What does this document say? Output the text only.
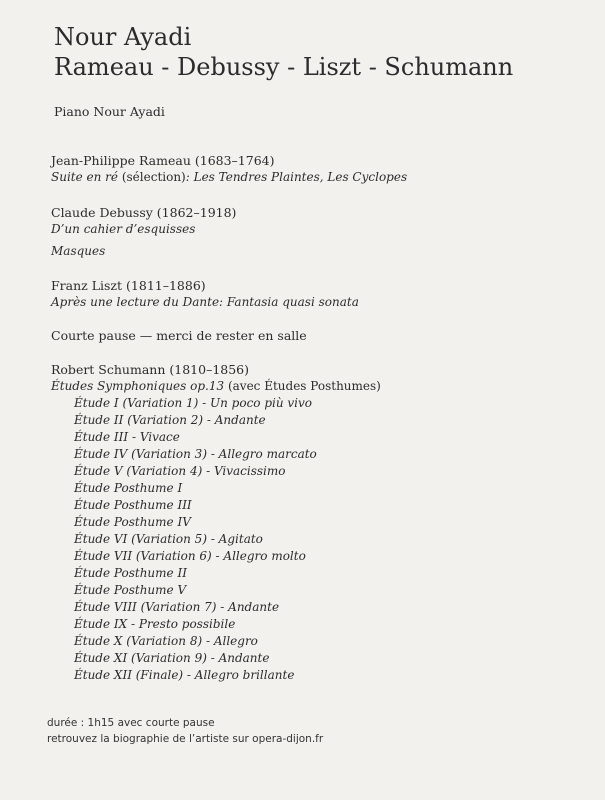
Nour Ayadi
Rameau - Debussy - Liszt - Schumann
Piano Nour Ayadi
Jean-Philippe Rameau (1683–1764)
Suite en ré (sélection): Les Tendres Plaintes, Les Cyclopes
Claude Debussy (1862–1918)
D’un cahier d’esquisses
Masques
Franz Liszt (1811–1886)
Après une lecture du Dante: Fantasia quasi sonata
Courte pause — merci de rester en salle
Robert Schumann (1810–1856)
Études Symphoniques op.13 (avec Études Posthumes)
Étude I (Variation 1) - Un poco più vivo
Étude II (Variation 2) - Andante
Étude III - Vivace
Étude IV (Variation 3) - Allegro marcato
Étude V (Variation 4) - Vivacissimo
Étude Posthume I
Étude Posthume III
Étude Posthume IV
Étude VI (Variation 5) - Agitato
Étude VII (Variation 6) - Allegro molto
Étude Posthume II
Étude Posthume V
Étude VIII (Variation 7) - Andante
Étude IX - Presto possibile
Étude X (Variation 8) - Allegro
Étude XI (Variation 9) - Andante
Étude XII (Finale) - Allegro brillante
durée : 1h15 avec courte pause
retrouvez la biographie de l’artiste sur opera-dijon.fr
